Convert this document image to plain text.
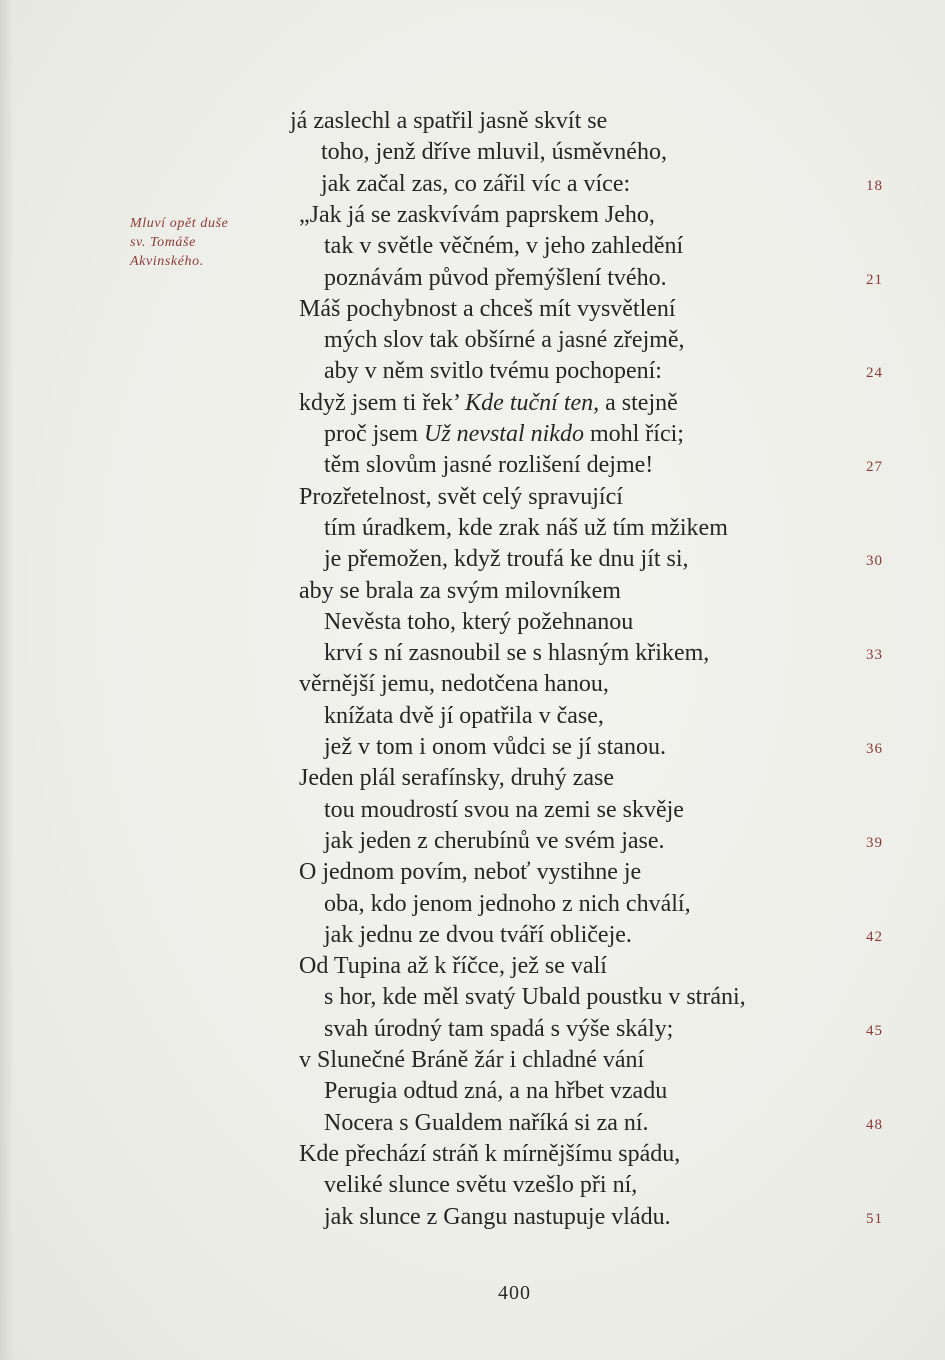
Mluví opět duše
sv. Tomáše
Akvinského.

já zaslechl a spatřil jasně skvít se
toho, jenž dříve mluvil, úsměvného,
jak začal zas, co zářil víc a více:
„Jak já se zaskvívám paprskem Jeho,
tak v světle věčném, v jeho zahledění
poznávám původ přemýšlení tvého.
Máš pochybnost a chceš mít vysvětlení
mých slov tak obšírné a jasné zřejmě,
aby v něm svitlo tvému pochopení:
když jsem ti řek’ Kde tuční ten, a stejně
proč jsem Už nevstal nikdo mohl říci;
těm slovům jasné rozlišení dejme!
Prozřetelnost, svět celý spravující
tím úradkem, kde zrak náš už tím mžikem
je přemožen, když troufá ke dnu jít si,
aby se brala za svým milovníkem
Nevěsta toho, který požehnanou
krví s ní zasnoubil se s hlasným křikem,
věrnější jemu, nedotčena hanou,
knížata dvě jí opatřila v čase,
jež v tom i onom vůdci se jí stanou.
Jeden plál serafínsky, druhý zase
tou moudrostí svou na zemi se skvěje
jak jeden z cherubínů ve svém jase.
O jednom povím, neboť vystihne je
oba, kdo jenom jednoho z nich chválí,
jak jednu ze dvou tváří obličeje.
Od Tupina až k říčce, jež se valí
s hor, kde měl svatý Ubald poustku v stráni,
svah úrodný tam spadá s výše skály;
v Slunečné Bráně žár i chladné vání
Perugia odtud zná, a na hřbet vzadu
Nocera s Gualdem naříká si za ní.
Kde přechází stráň k mírnějšímu spádu,
veliké slunce světu vzešlo při ní,
jak slunce z Gangu nastupuje vládu.
18
21
24
27
30
33
36
39
42
45
48
51
400
